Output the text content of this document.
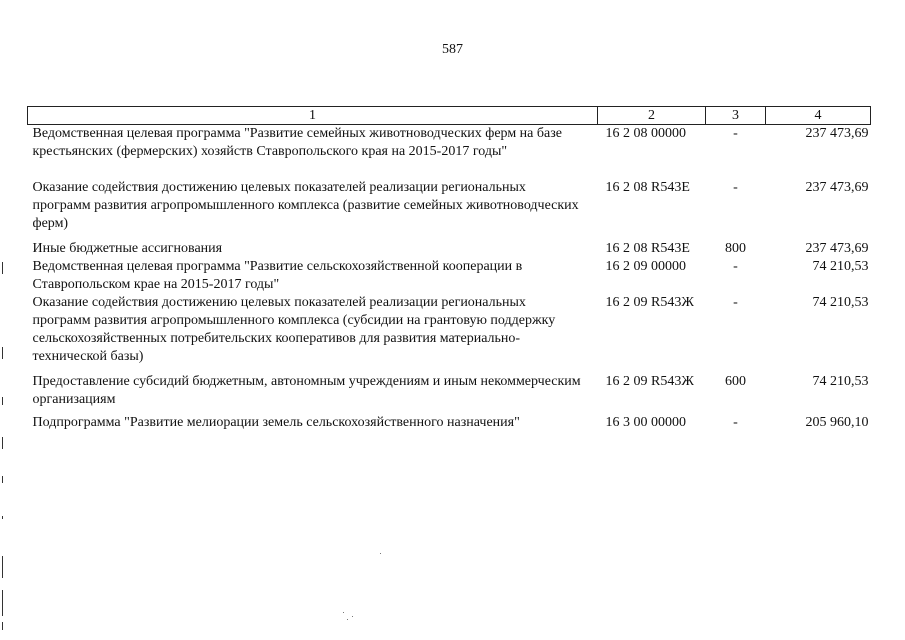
587
1	2	3	4
Ведомственная целевая программа "Развитие семейных животноводческих ферм на базе крестьянских (фермерских) хозяйств Ставропольского края на 2015-2017 годы"	16 2 08 00000	-	237 473,69
Оказание содействия достижению целевых показателей реализации региональных программ развития агропромышленного комплекса (развитие семейных животноводческих ферм)	16 2 08 R543Е	-	237 473,69
Иные бюджетные ассигнования	16 2 08 R543Е	800	237 473,69
Ведомственная целевая программа "Развитие сельскохозяйственной кооперации в Ставропольском крае на 2015-2017 годы"	16 2 09 00000	-	74 210,53
Оказание содействия достижению целевых показателей реализации региональных программ развития агропромышленного комплекса (субсидии на грантовую поддержку сельскохозяйственных потребительских кооперативов для развития материально-технической базы)	16 2 09 R543Ж	-	74 210,53
Предоставление субсидий бюджетным, автономным учреждениям и иным некоммерческим организациям	16 2 09 R543Ж	600	74 210,53
Подпрограмма "Развитие мелиорации земель сельскохозяйственного назначения"	16 3 00 00000	-	205 960,10
